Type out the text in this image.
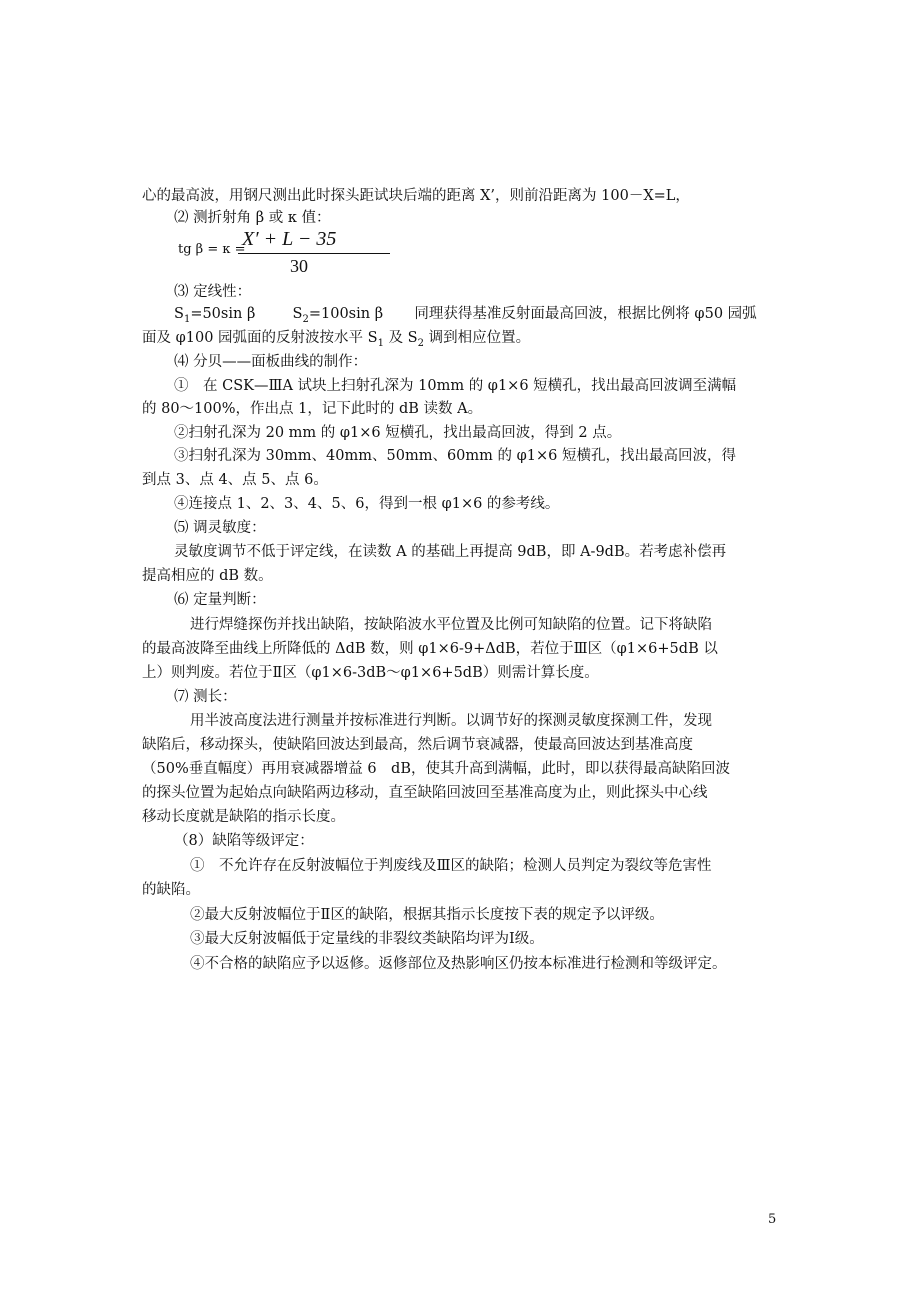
心的最高波，用钢尺测出此时探头距试块后端的距离 X’，则前沿距离为 100－X=L，
⑵ 测折射角 β 或 κ 值：
tg β = κ =
X′ + L − 35
30
⑶ 定线性：
$S_1=50\sin$ β	$S_2=100\sin$ β 同理获得基准反射面最高回波，根据比例将 φ50 园弧
面及 φ100 园弧面的反射波按水平 $S_1$ 及 $S_2$ 调到相应位置。
⑷ 分贝——面板曲线的制作：
①　在 CSK—ⅢA 试块上扫射孔深为 10mm 的 φ1×6 短横孔，找出最高回波调至满幅
的 80～100%，作出点 1，记下此时的 dB 读数 A。
②扫射孔深为 20 mm 的 φ1×6 短横孔，找出最高回波，得到 2 点。
③扫射孔深为 30mm、40mm、50mm、60mm 的 φ1×6 短横孔，找出最高回波，得
到点 3、点 4、点 5、点 6。
④连接点 1、2、3、4、5、6，得到一根 φ1×6 的参考线。
⑸ 调灵敏度：
灵敏度调节不低于评定线，在读数 A 的基础上再提高 9dB，即 A-9dB。若考虑补偿再
提高相应的 dB 数。
⑹ 定量判断：
进行焊缝探伤并找出缺陷，按缺陷波水平位置及比例可知缺陷的位置。记下将缺陷
的最高波降至曲线上所降低的 ΔdB 数，则 φ1×6-9+ΔdB，若位于Ⅲ区（φ1×6+5dB 以
上）则判废。若位于Ⅱ区（φ1×6-3dB～φ1×6+5dB）则需计算长度。
⑺ 测长：
用半波高度法进行测量并按标准进行判断。以调节好的探测灵敏度探测工件，发现
缺陷后，移动探头，使缺陷回波达到最高，然后调节衰减器，使最高回波达到基准高度
（50%垂直幅度）再用衰减器增益 6　dB，使其升高到满幅，此时，即以获得最高缺陷回波
的探头位置为起始点向缺陷两边移动，直至缺陷回波回至基准高度为止，则此探头中心线
移动长度就是缺陷的指示长度。
（8）缺陷等级评定：
①　不允许存在反射波幅位于判废线及Ⅲ区的缺陷；检测人员判定为裂纹等危害性
的缺陷。
②最大反射波幅位于Ⅱ区的缺陷，根据其指示长度按下表的规定予以评级。
③最大反射波幅低于定量线的非裂纹类缺陷均评为Ⅰ级。
④不合格的缺陷应予以返修。返修部位及热影响区仍按本标准进行检测和等级评定。
5
